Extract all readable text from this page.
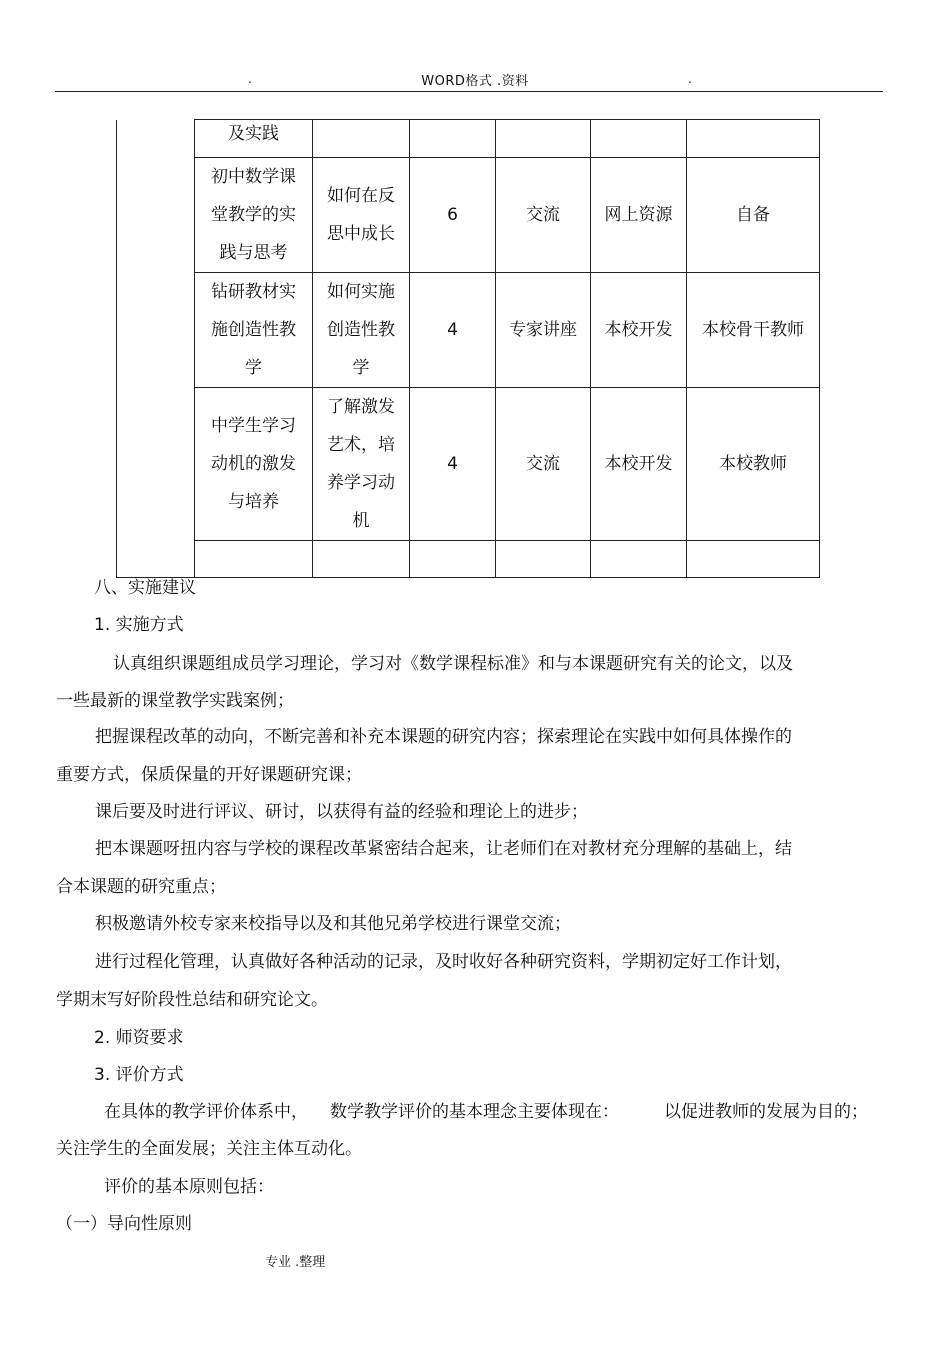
.	WORD格式 .资料	.

	及实践					

	初中数学课堂教学的实践与思考	如何在反思中成长	6	交流	网上资源	自备

	钻研教材实施创造性教学	如何实施创造性教学	4	专家讲座	本校开发	本校骨干教师

	中学生学习动机的激发与培养	了解激发艺术，培养学习动机	4	交流	本校开发	本校教师

八、实施建议
1. 实施方式
认真组织课题组成员学习理论，学习对《数学课程标准》和与本课题研究有关的论文，以及
一些最新的课堂教学实践案例；
把握课程改革的动向，不断完善和补充本课题的研究内容；探索理论在实践中如何具体操作的
重要方式，保质保量的开好课题研究课；
课后要及时进行评议、研讨，以获得有益的经验和理论上的进步；
把本课题呀扭内容与学校的课程改革紧密结合起来，让老师们在对教材充分理解的基础上，结
合本课题的研究重点；
积极邀请外校专家来校指导以及和其他兄弟学校进行课堂交流；
进行过程化管理，认真做好各种活动的记录，及时收好各种研究资料，学期初定好工作计划，
学期末写好阶段性总结和研究论文。
2. 师资要求
3. 评价方式
在具体的教学评价体系中， 数学教学评价的基本理念主要体现在：	以促进教师的发展为目的；
关注学生的全面发展；关注主体互动化。
评价的基本原则包括：
（一）导向性原则
专业 .整理
